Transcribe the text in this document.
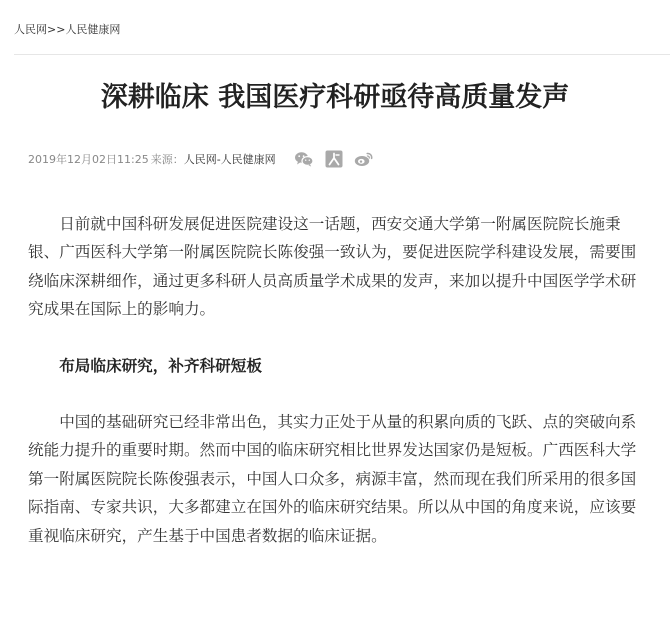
人民网>>人民健康网
深耕临床 我国医疗科研亟待高质量发声
2019年12月02日11:25 来源： 人民网-人民健康网

日前就中国科研发展促进医院建设这一话题，西安交通大学第一附属医院院长施秉银、广西医科大学第一附属医院院长陈俊强一致认为，要促进医院学科建设发展，需要围绕临床深耕细作，通过更多科研人员高质量学术成果的发声，来加以提升中国医学学术研究成果在国际上的影响力。

布局临床研究，补齐科研短板

中国的基础研究已经非常出色，其实力正处于从量的积累向质的飞跃、点的突破向系统能力提升的重要时期。然而中国的临床研究相比世界发达国家仍是短板。广西医科大学第一附属医院院长陈俊强表示，中国人口众多，病源丰富，然而现在我们所采用的很多国际指南、专家共识，大多都建立在国外的临床研究结果。所以从中国的角度来说，应该要重视临床研究，产生基于中国患者数据的临床证据。
